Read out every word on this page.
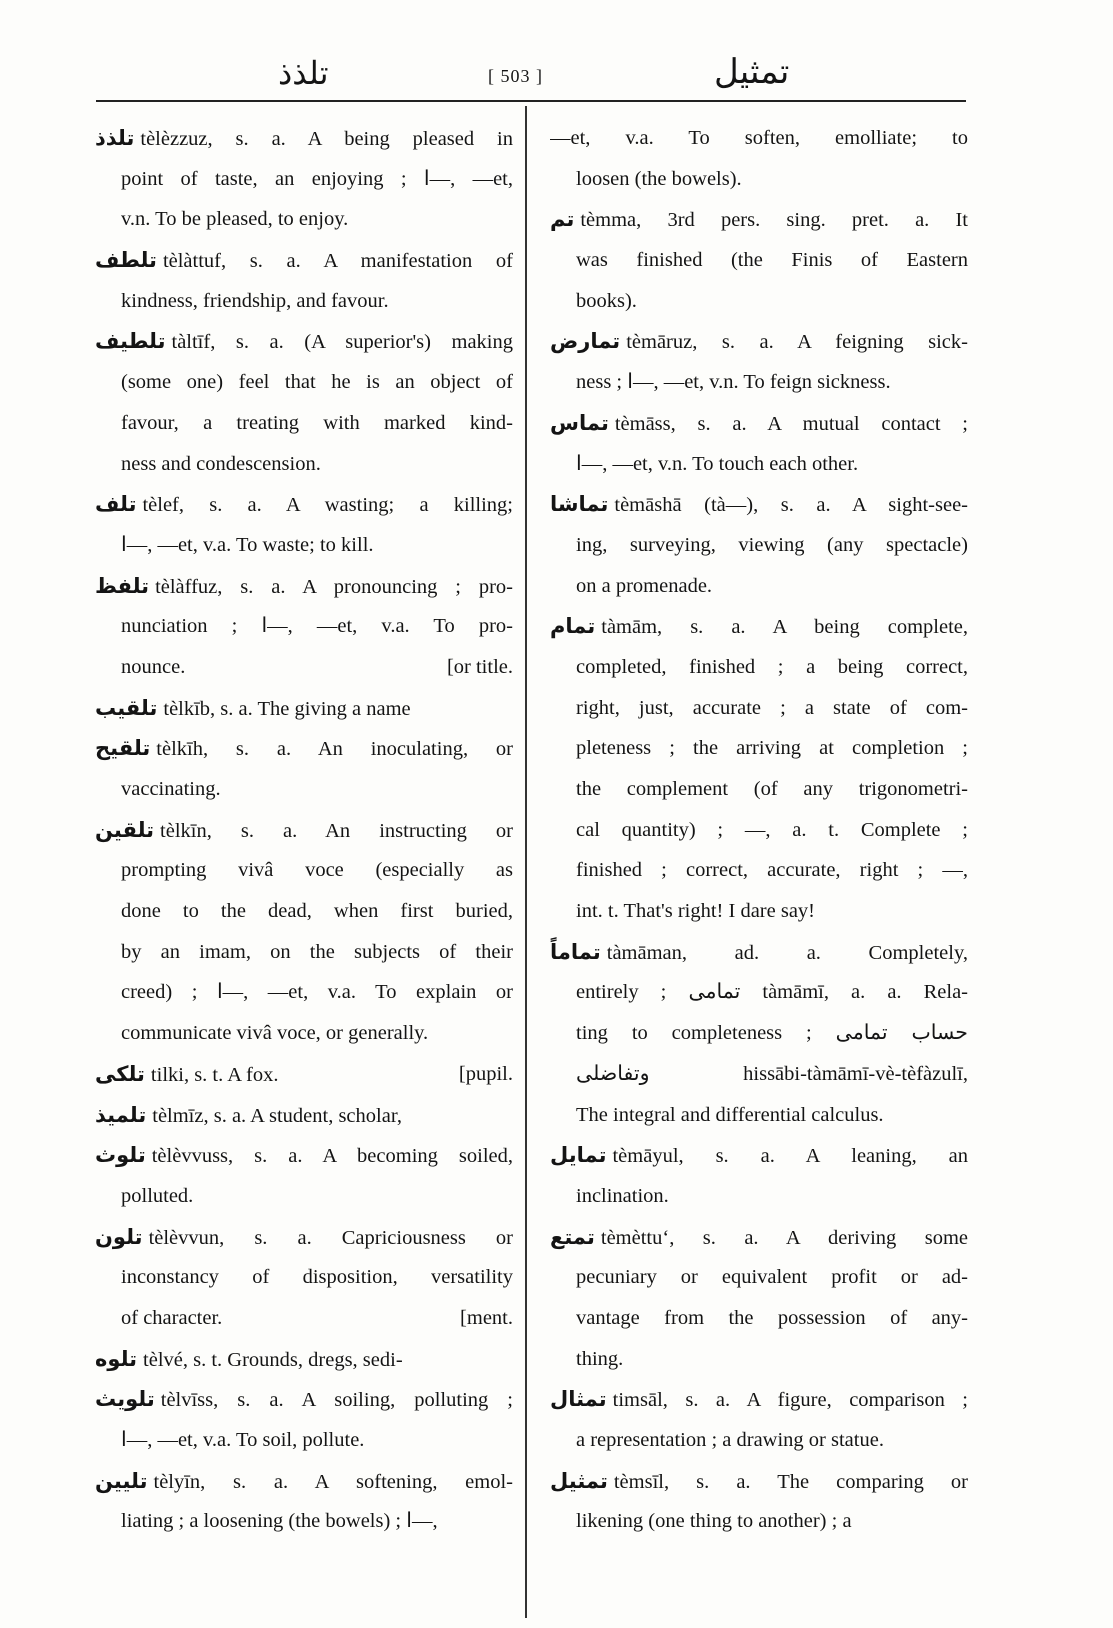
تلذذ	[ 503 ]	تمثيل
تلذذ tèlèzzuz, s. a. A being pleased in
point of taste, an enjoying ; ا—, —et,
v.n. To be pleased, to enjoy.
تلطف tèlàttuf, s. a. A manifestation of
kindness, friendship, and favour.
تلطيف tàltīf, s. a. (A superior's) making
(some one) feel that he is an object of
favour, a treating with marked kind-
ness and condescension.
تلف tèlef, s. a. A wasting; a killing;
ا—, —et, v.a. To waste; to kill.
تلفظ tèlàffuz, s. a. A pronouncing ; pro-
nunciation ; ا—, —et, v.a. To pro-
nounce.	[or title.
تلقيب tèlkīb, s. a. The giving a name
تلقيح tèlkīh, s. a. An inoculating, or
vaccinating.
تلقين tèlkīn, s. a. An instructing or
prompting vivâ voce (especially as
done to the dead, when first buried,
by an imam, on the subjects of their
creed) ; ا—, —et, v.a. To explain or
communicate vivâ voce, or generally.
تلكى tilki, s. t. A fox.	[pupil.
تلميذ tèlmīz, s. a. A student, scholar,
تلوث tèlèvvuss, s. a. A becoming soiled,
polluted.
تلون tèlèvvun, s. a. Capriciousness or
inconstancy of disposition, versatility
of character.	[ment.
تلوه tèlvé, s. t. Grounds, dregs, sedi-
تلويث tèlvīss, s. a. A soiling, polluting ;
ا—, —et, v.a. To soil, pollute.
تليين tèlyīn, s. a. A softening, emol-
liating ; a loosening (the bowels) ; ا—,
—et, v.a. To soften, emolliate; to
loosen (the bowels).
تم tèmma, 3rd pers. sing. pret. a. It
was finished (the Finis of Eastern
books).
تمارض tèmāruz, s. a. A feigning sick-
ness ; ا—, —et, v.n. To feign sickness.
تماس tèmāss, s. a. A mutual contact ;
ا—, —et, v.n. To touch each other.
تماشا tèmāshā (tà—), s. a. A sight-see-
ing, surveying, viewing (any spectacle)
on a promenade.
تمام tàmām, s. a. A being complete,
completed, finished ; a being correct,
right, just, accurate ; a state of com-
pleteness ; the arriving at completion ;
the complement (of any trigonometri-
cal quantity) ; —, a. t. Complete ;
finished ; correct, accurate, right ; —,
int. t. That's right! I dare say!
تماماً tàmāman, ad. a. Completely,
entirely ; تمامى tàmāmī, a. a. Rela-
ting to completeness ; حساب تمامى
وتفاضلى hissābi-tàmāmī-vè-tèfàzulī,
The integral and differential calculus.
تمايل tèmāyul, s. a. A leaning, an
inclination.
تمتع tèmèttu‘, s. a. A deriving some
pecuniary or equivalent profit or ad-
vantage from the possession of any-
thing.
تمثال timsāl, s. a. A figure, comparison ;
a representation ; a drawing or statue.
تمثيل tèmsīl, s. a. The comparing or
likening (one thing to another) ; a
